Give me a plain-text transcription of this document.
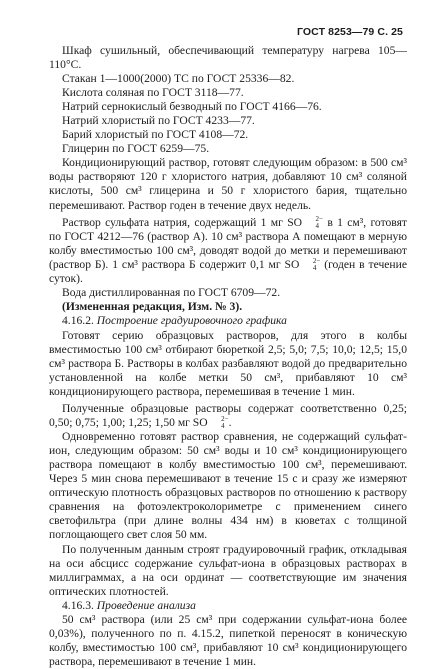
ГОСТ 8253—79 С. 25

Шкаф сушильный, обеспечивающий температуру нагрева 105—110°C.

Стакан 1—1000(2000) ТС по ГОСТ 25336—82.

Кислота соляная по ГОСТ 3118—77.

Натрий сернокислый безводный по ГОСТ 4166—76.

Натрий хлористый по ГОСТ 4233—77.

Барий хлористый по ГОСТ 4108—72.

Глицерин по ГОСТ 6259—75.

Кондиционирующий раствор, готовят следующим образом: в 500 см³ воды растворяют 120 г хлористого натрия, добавляют 10 см³ соляной кислоты, 500 см³ глицерина и 50 г хлористого бария, тщательно перемешивают. Раствор годен в течение двух недель.

Раствор сульфата натрия, содержащий 1 мг SO	2−
4 в 1 см³, готовят по ГОСТ 4212—76 (раствор А). 10 см³ раствора А помещают в мерную колбу вместимостью 100 см³, доводят водой до метки и перемешивают (раствор Б). 1 см³ раствора Б содержит 0,1 мг SO	2−
4 (годен в течение суток).

Вода дистиллированная по ГОСТ 6709—72.

(Измененная редакция, Изм. № 3).

4.16.2. Построение градуировочного графика

Готовят серию образцовых растворов, для этого в колбы вместимостью 100 см³ отбирают бюреткой 2,5; 5,0; 7,5; 10,0; 12,5; 15,0 см³ раствора Б. Растворы в колбах разбавляют водой до предварительно установленной на колбе метки 50 см³, прибавляют 10 см³ кондиционирующего раствора, перемешивая в течение 1 мин.

Полученные образцовые растворы содержат соответственно 0,25; 0,50; 0,75; 1,00; 1,25; 1,50 мг SO	2−
4 .

Одновременно готовят раствор сравнения, не содержащий сульфат-ион, следующим образом: 50 см³ воды и 10 см³ кондиционирующего раствора помещают в колбу вместимостью 100 см³, перемешивают. Через 5 мин снова перемешивают в течение 15 с и сразу же измеряют оптическую плотность образцовых растворов по отношению к раствору сравнения на фотоэлектроколориметре с применением синего светофильтра (при длине волны 434 нм) в кюветах с толщиной поглощающего свет слоя 50 мм.

По полученным данным строят градуировочный график, откладывая на оси абсцисс содержание сульфат-иона в образцовых растворах в миллиграммах, а на оси ординат — соответствующие им значения оптических плотностей.

4.16.3. Проведение анализа

50 см³ раствора (или 25 см³ при содержании сульфат-иона более 0,03%), полученного по п. 4.15.2, пипеткой переносят в коническую колбу, вместимостью 100 см³, прибавляют 10 см³ кондиционирующего раствора, перемешивают в течение 1 мин.
